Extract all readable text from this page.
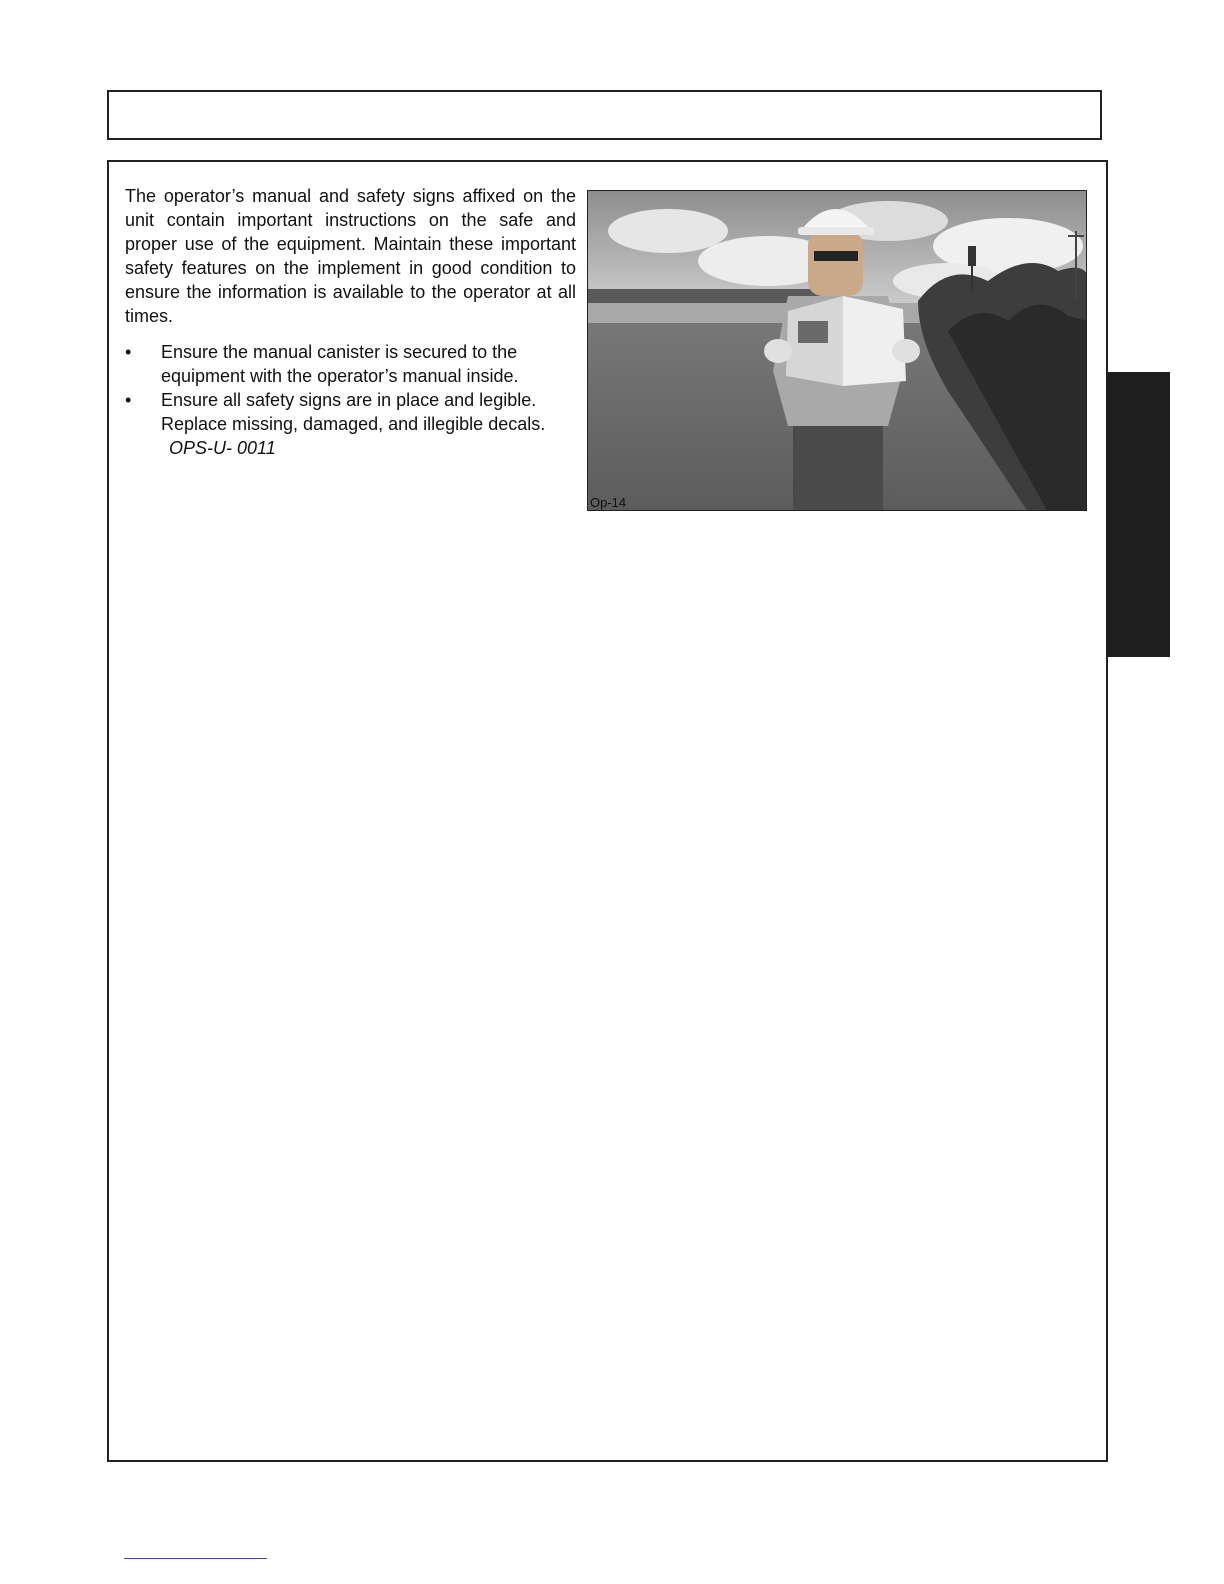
The operator’s manual and safety signs affixed on the unit contain important instructions on the safe and proper use of the equipment. Maintain these important safety features on the implement in good condition to ensure the information is available to the operator at all times.

•	Ensure the manual canister is secured to the equipment with the operator’s manual inside.
•	Ensure all safety signs are in place and legible. Replace missing, damaged, and illegible decals. OPS-U- 0011
Op-14
